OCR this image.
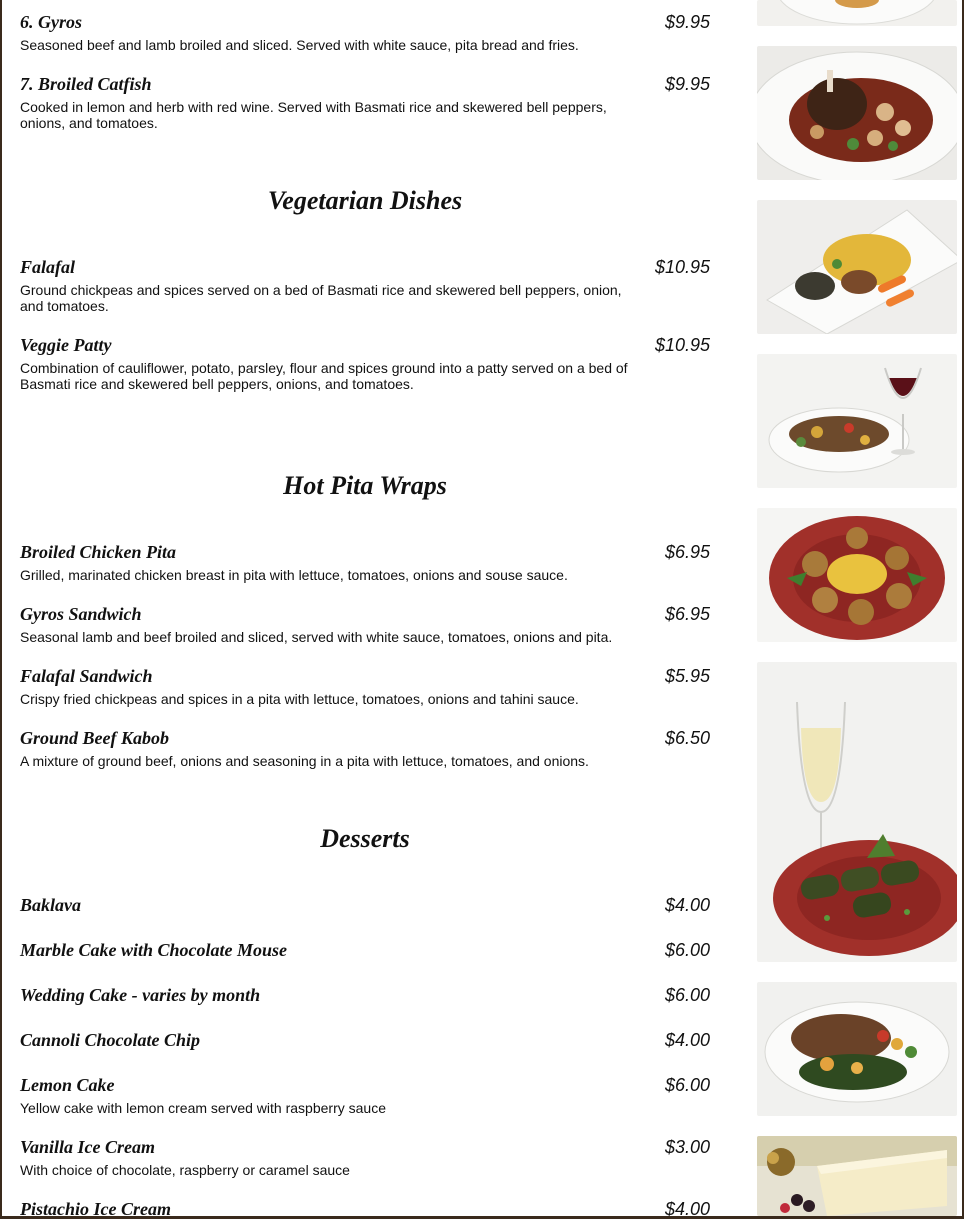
6. Gyros	$9.95
Seasoned beef and lamb broiled and sliced. Served with white sauce, pita bread and fries.
7. Broiled Catfish	$9.95
Cooked in lemon and herb with red wine. Served with Basmati rice and skewered bell peppers, onions, and tomatoes.
Vegetarian Dishes
Falafal	$10.95
Ground chickpeas and spices served on a bed of Basmati rice and skewered bell peppers, onion, and tomatoes.
Veggie Patty	$10.95
Combination of cauliflower, potato, parsley, flour and spices ground into a patty served on a bed of Basmati rice and skewered bell peppers, onions, and tomatoes.
Hot Pita Wraps
Broiled Chicken Pita	$6.95
Grilled, marinated chicken breast in pita with lettuce, tomatoes, onions and souse sauce.
Gyros Sandwich	$6.95
Seasonal lamb and beef broiled and sliced, served with white sauce, tomatoes, onions and pita.
Falafal Sandwich	$5.95
Crispy fried chickpeas and spices in a pita with lettuce, tomatoes, onions and tahini sauce.
Ground Beef Kabob	$6.50
A mixture of ground beef, onions and seasoning in a pita with lettuce, tomatoes, and onions.
Desserts
Baklava	$4.00
Marble Cake with Chocolate Mouse	$6.00
Wedding Cake - varies by month	$6.00
Cannoli Chocolate Chip	$4.00
Lemon Cake	$6.00
Yellow cake with lemon cream served with raspberry sauce
Vanilla Ice Cream	$3.00
With choice of chocolate, raspberry or caramel sauce
Pistachio Ice Cream	$4.00
